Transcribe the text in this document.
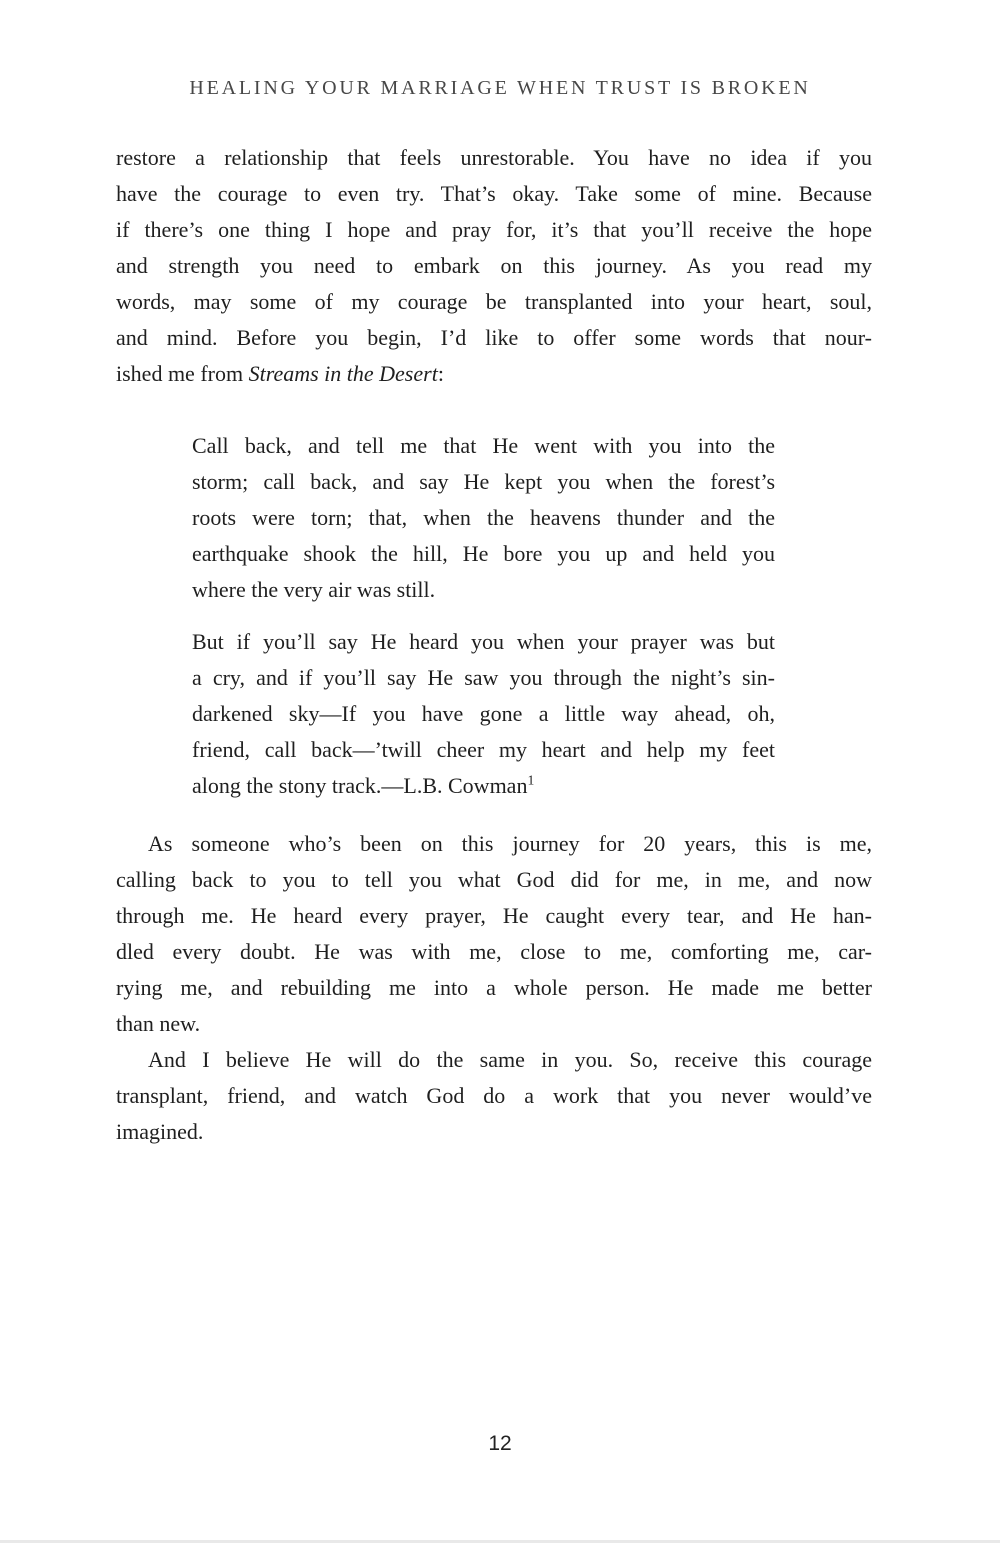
HEALING YOUR MARRIAGE WHEN TRUST IS BROKEN
restore a relationship that feels unrestorable. You have no idea if you
have the courage to even try. That’s okay. Take some of mine. Because
if there’s one thing I hope and pray for, it’s that you’ll receive the hope
and strength you need to embark on this journey. As you read my
words, may some of my courage be transplanted into your heart, soul,
and mind. Before you begin, I’d like to offer some words that nour-
ished me from Streams in the Desert:
Call back, and tell me that He went with you into the
storm; call back, and say He kept you when the forest’s
roots were torn; that, when the heavens thunder and the
earthquake shook the hill, He bore you up and held you
where the very air was still.
But if you’ll say He heard you when your prayer was but
a cry, and if you’ll say He saw you through the night’s sin-
darkened sky—If you have gone a little way ahead, oh,
friend, call back—’twill cheer my heart and help my feet
along the stony track.—L.B. Cowman$^1$
As someone who’s been on this journey for 20 years, this is me,
calling back to you to tell you what God did for me, in me, and now
through me. He heard every prayer, He caught every tear, and He han-
dled every doubt. He was with me, close to me, comforting me, car-
rying me, and rebuilding me into a whole person. He made me better
than new.
And I believe He will do the same in you. So, receive this courage
transplant, friend, and watch God do a work that you never would’ve
imagined.
12
